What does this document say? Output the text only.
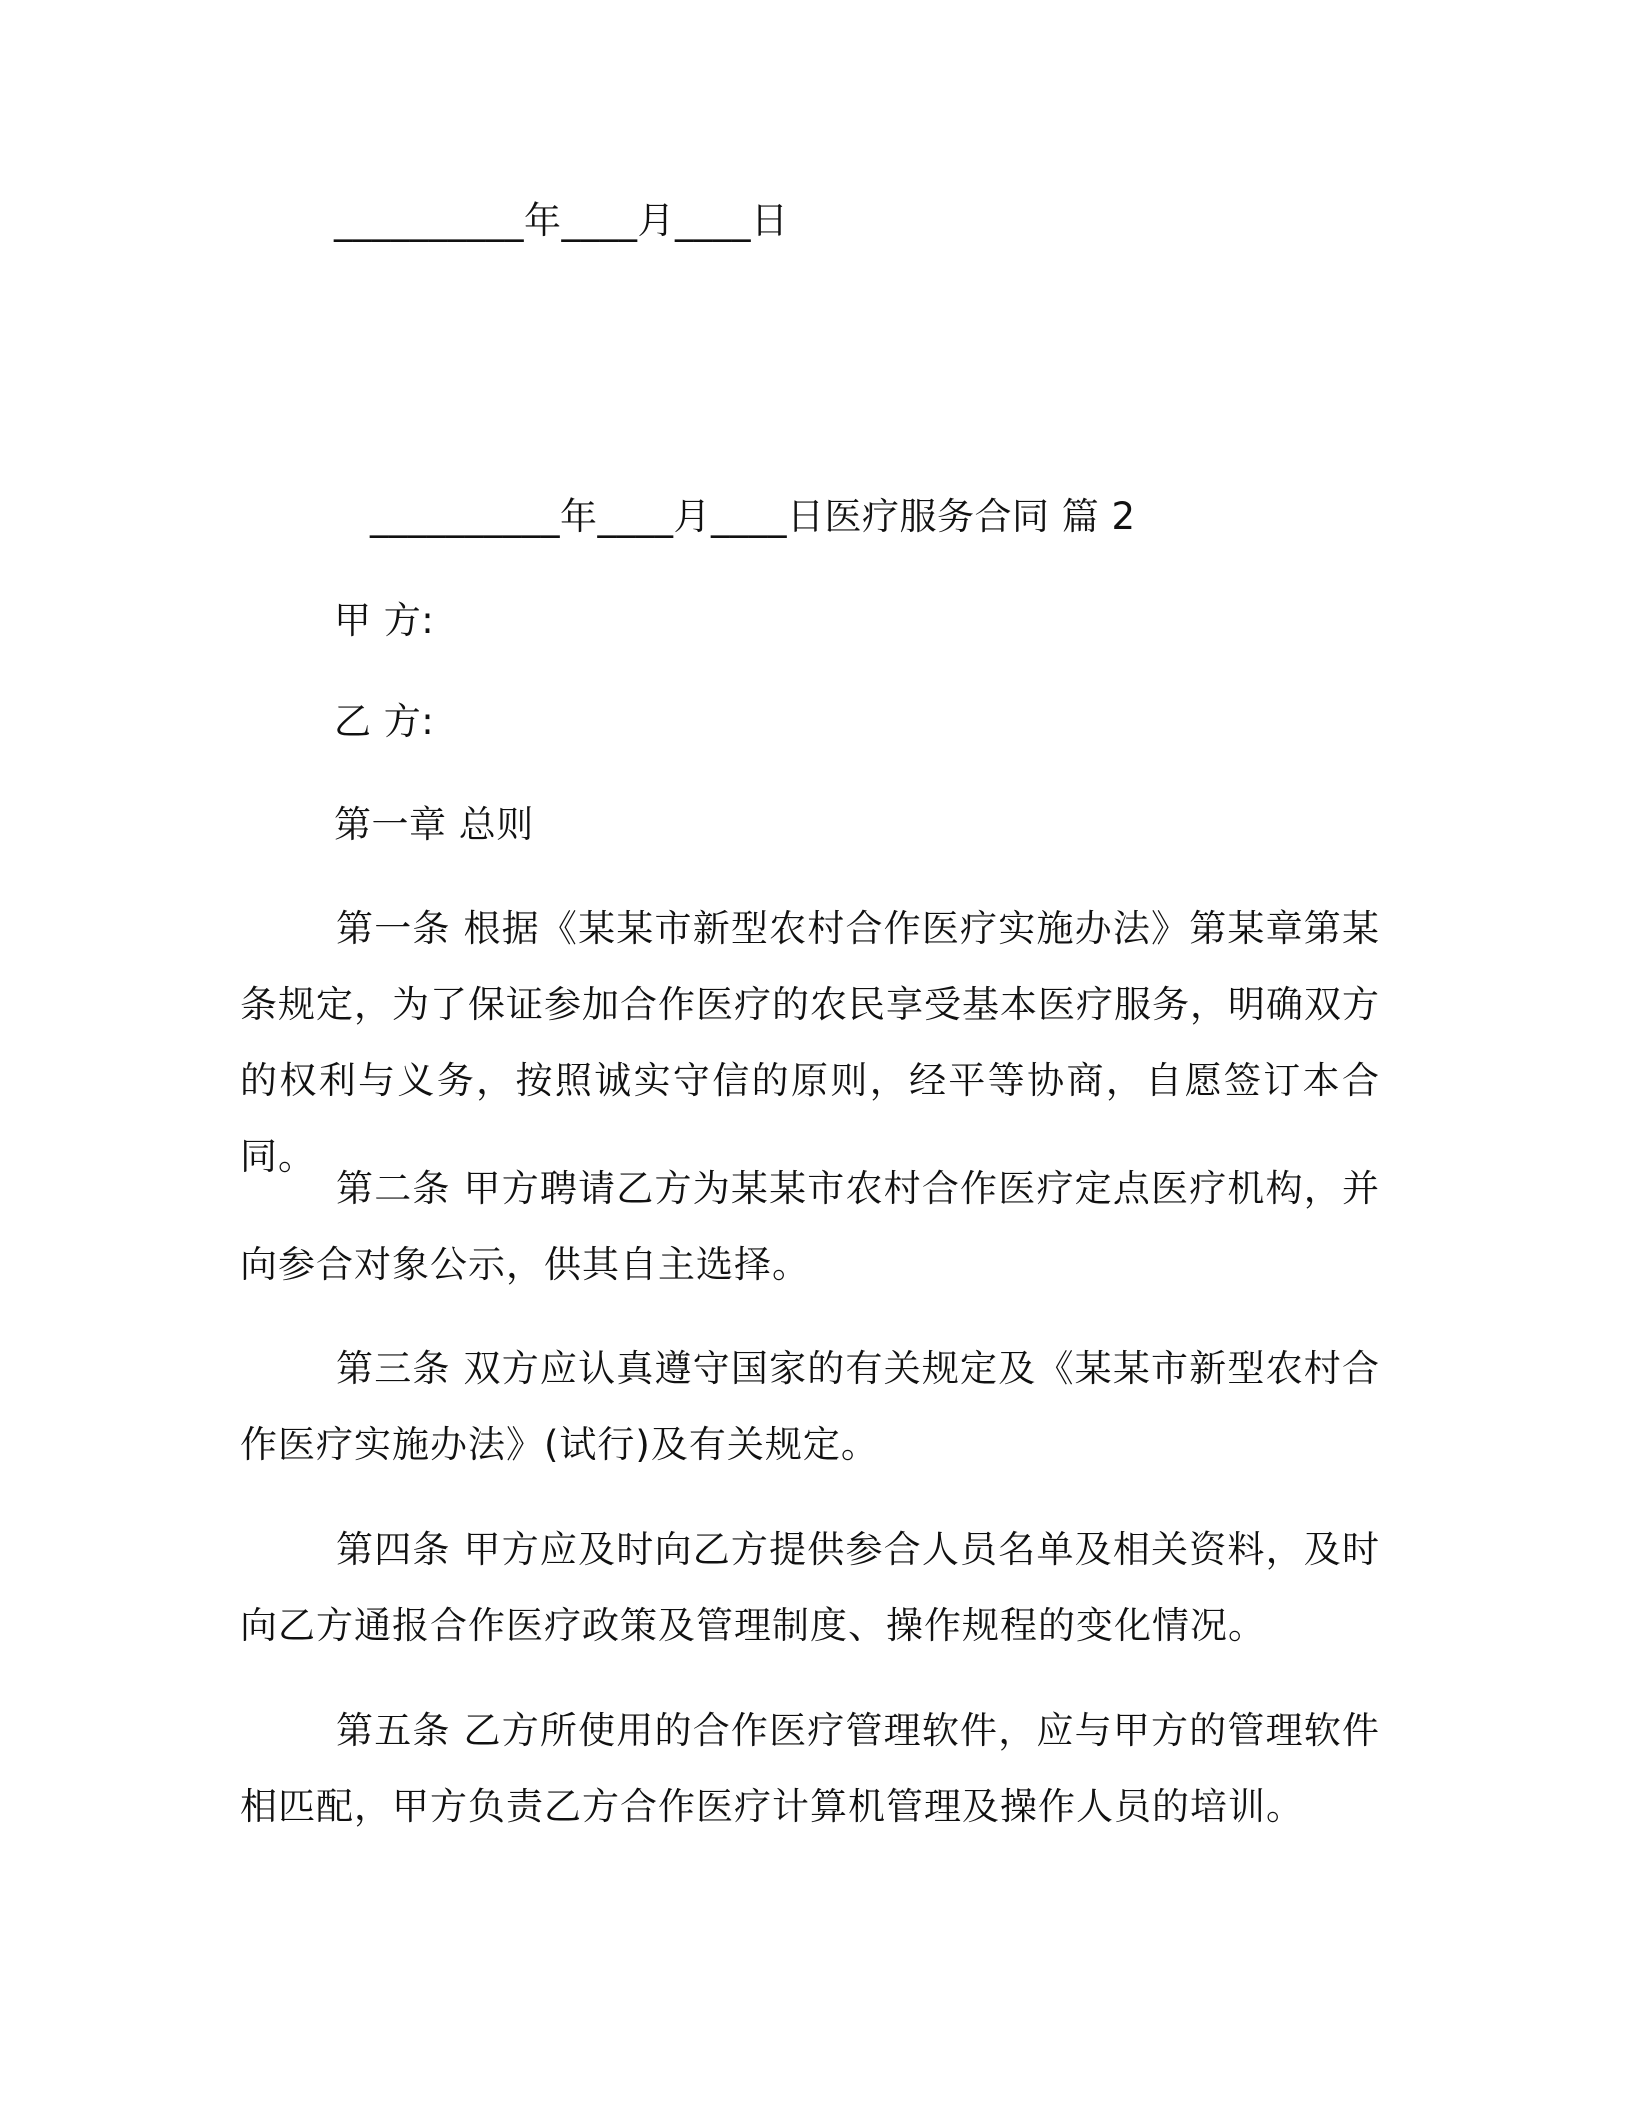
__________年____月____日

__________年____月____日医疗服务合同 篇 2

甲 方:

乙 方:

第一章 总则

第一条 根据《某某市新型农村合作医疗实施办法》第某章第某条规定，为了保证参加合作医疗的农民享受基本医疗服务，明确双方的权利与义务，按照诚实守信的原则，经平等协商，自愿签订本合同。

第二条 甲方聘请乙方为某某市农村合作医疗定点医疗机构，并向参合对象公示，供其自主选择。

第三条 双方应认真遵守国家的有关规定及《某某市新型农村合作医疗实施办法》(试行)及有关规定。

第四条 甲方应及时向乙方提供参合人员名单及相关资料，及时向乙方通报合作医疗政策及管理制度、操作规程的变化情况。

第五条 乙方所使用的合作医疗管理软件，应与甲方的管理软件相匹配，甲方负责乙方合作医疗计算机管理及操作人员的培训。
